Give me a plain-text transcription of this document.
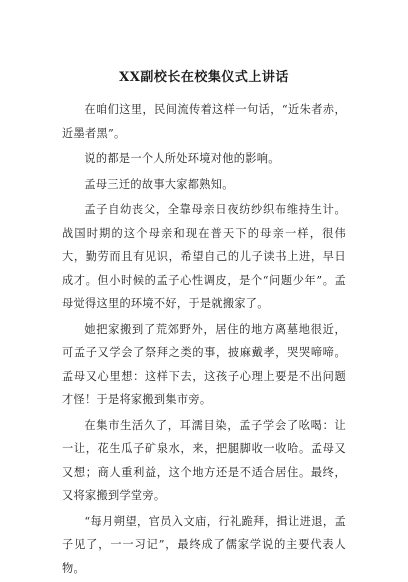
XX副校长在校集仪式上讲话

在咱们这里，民间流传着这样一句话，“近朱者赤，近墨者黑”。

说的都是一个人所处环境对他的影响。

孟母三迁的故事大家都熟知。

孟子自幼丧父，全靠母亲日夜纺纱织布维持生计。战国时期的这个母亲和现在普天下的母亲一样，很伟大，勤劳而且有见识，希望自己的儿子读书上进，早日成才。但小时候的孟子心性调皮，是个“问题少年”。孟母觉得这里的环境不好，于是就搬家了。

她把家搬到了荒郊野外，居住的地方离墓地很近，可孟子又学会了祭拜之类的事，披麻戴孝，哭哭啼啼。孟母又心里想：这样下去，这孩子心理上要是不出问题才怪！于是将家搬到集市旁。

在集市生活久了，耳濡目染，孟子学会了吆喝：让一让，花生瓜子矿泉水，来，把腿脚收一收哈。孟母又又想；商人重利益，这个地方还是不适合居住。最终，又将家搬到学堂旁。

“每月朔望，官员入文庙，行礼跪拜，揖让进退，孟子见了，一一习记”，最终成了儒家学说的主要代表人物。
